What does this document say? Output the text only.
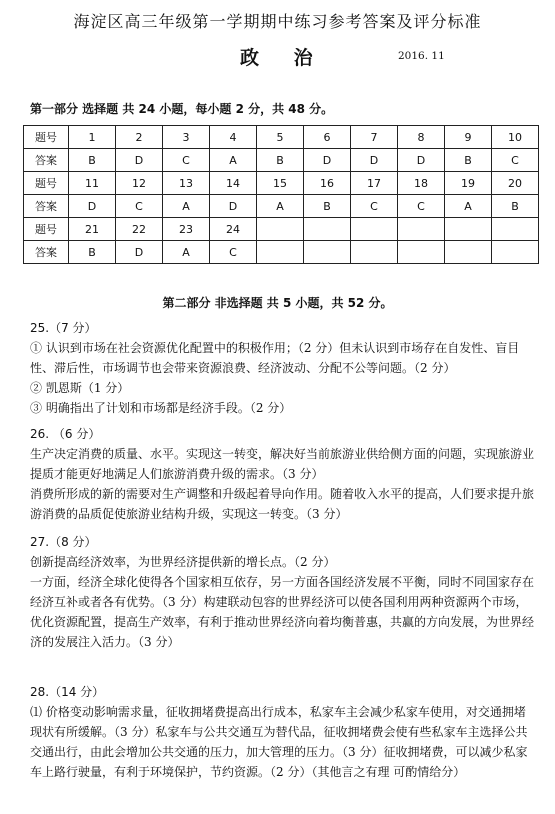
海淀区高三年级第一学期期中练习参考答案及评分标准
政 治	2016. 11
第一部分 选择题 共 24 小题，每小题 2 分，共 48 分。
题号	1	2	3	4	5	6	7	8	9	10
答案	B	D	C	A	B	D	D	D	B	C
题号	11	12	13	14	15	16	17	18	19	20
答案	D	C	A	D	A	B	C	C	A	B
题号	21	22	23	24						
答案	B	D	A	C						
第二部分 非选择题 共 5 小题，共 52 分。

25.（7 分）

① 认识到市场在社会资源优化配置中的积极作用；（2 分）但未认识到市场存在自发性、盲目性、滞后性，市场调节也会带来资源浪费、经济波动、分配不公等问题。（2 分）

② 凯恩斯（1 分）

③ 明确指出了计划和市场都是经济手段。（2 分）

26. （6 分）

生产决定消费的质量、水平。实现这一转变，解决好当前旅游业供给侧方面的问题，实现旅游业提质才能更好地满足人们旅游消费升级的需求。（3 分）

消费所形成的新的需要对生产调整和升级起着导向作用。随着收入水平的提高，人们要求提升旅游消费的品质促使旅游业结构升级，实现这一转变。（3 分）

27.（8 分）

创新提高经济效率，为世界经济提供新的增长点。（2 分）

一方面，经济全球化使得各个国家相互依存，另一方面各国经济发展不平衡，同时不同国家存在经济互补或者各有优势。（3 分）构建联动包容的世界经济可以使各国利用两种资源两个市场，优化资源配置，提高生产效率，有利于推动世界经济向着均衡普惠，共赢的方向发展，为世界经济的发展注入活力。（3 分）

28.（14 分）

⑴ 价格变动影响需求量，征收拥堵费提高出行成本，私家车主会减少私家车使用，对交通拥堵现状有所缓解。（3 分）私家车与公共交通互为替代品，征收拥堵费会使有些私家车主选择公共交通出行，由此会增加公共交通的压力，加大管理的压力。（3 分）征收拥堵费，可以减少私家车上路行驶量，有利于环境保护，节约资源。（2 分）（其他言之有理 可酌情给分）
